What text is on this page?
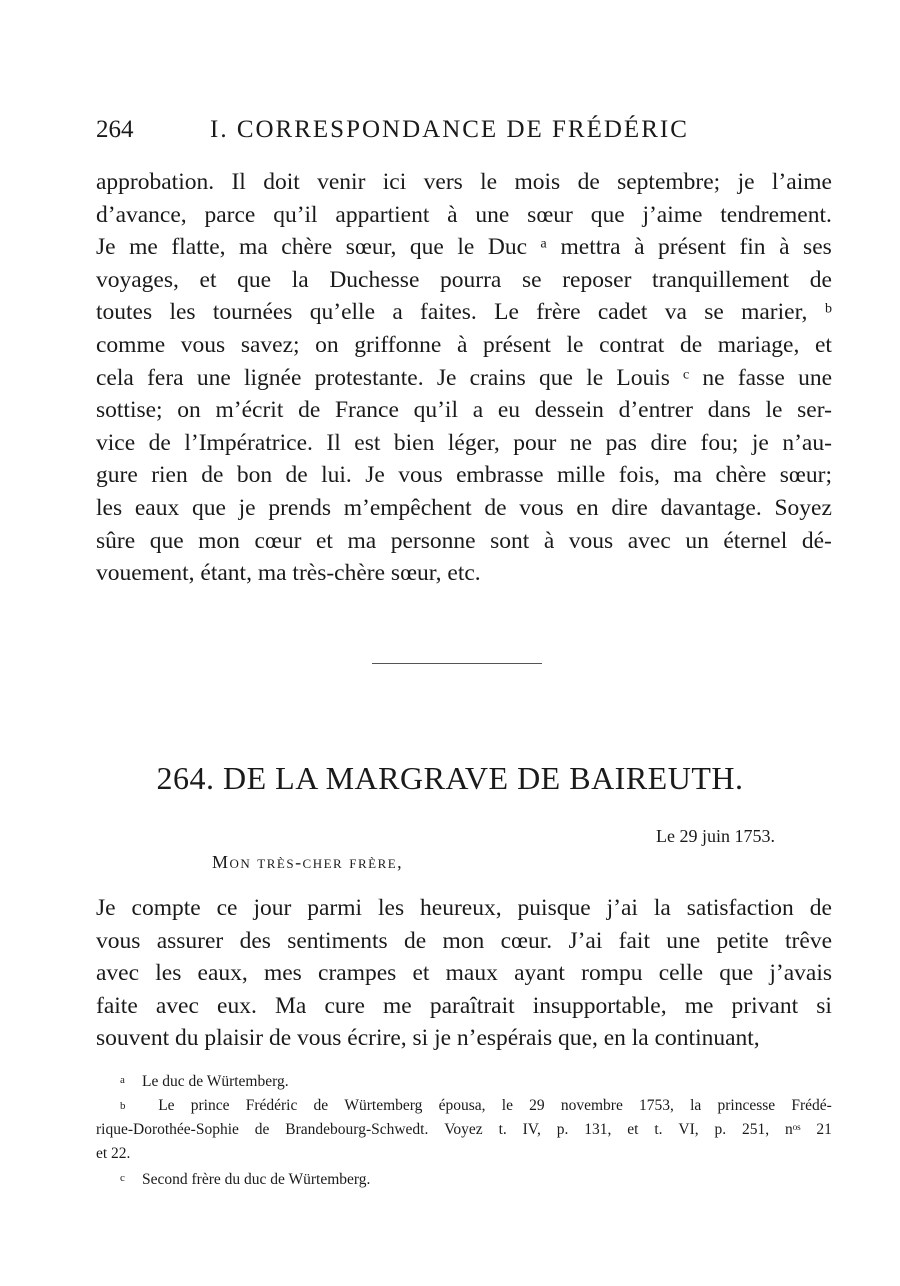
264	I. CORRESPONDANCE DE FRÉDÉRIC
approbation. Il doit venir ici vers le mois de septembre; je l’aime
d’avance, parce qu’il appartient à une sœur que j’aime tendrement.
Je me flatte, ma chère sœur, que le Duc ᵃ mettra à présent fin à ses
voyages, et que la Duchesse pourra se reposer tranquillement de
toutes les tournées qu’elle a faites. Le frère cadet va se marier, ᵇ
comme vous savez; on griffonne à présent le contrat de mariage, et
cela fera une lignée protestante. Je crains que le Louis ᶜ ne fasse une
sottise; on m’écrit de France qu’il a eu dessein d’entrer dans le ser-
vice de l’Impératrice. Il est bien léger, pour ne pas dire fou; je n’au-
gure rien de bon de lui. Je vous embrasse mille fois, ma chère sœur;
les eaux que je prends m’empêchent de vous en dire davantage. Soyez
sûre que mon cœur et ma personne sont à vous avec un éternel dé-
vouement, étant, ma très-chère sœur, etc.
264. DE LA MARGRAVE DE BAIREUTH.
Le 29 juin 1753.
Mon très-cher frère,
Je compte ce jour parmi les heureux, puisque j’ai la satisfaction de
vous assurer des sentiments de mon cœur. J’ai fait une petite trêve
avec les eaux, mes crampes et maux ayant rompu celle que j’avais
faite avec eux. Ma cure me paraîtrait insupportable, me privant si
souvent du plaisir de vous écrire, si je n’espérais que, en la continuant,
a Le duc de Würtemberg.
b	Le prince Frédéric de Würtemberg épousa, le 29 novembre 1753, la princesse Frédé-
rique-Dorothée-Sophie de Brandebourg-Schwedt. Voyez t. IV, p. 131, et t. VI, p. 251, nᵒˢ 21
et 22.
c Second frère du duc de Würtemberg.
